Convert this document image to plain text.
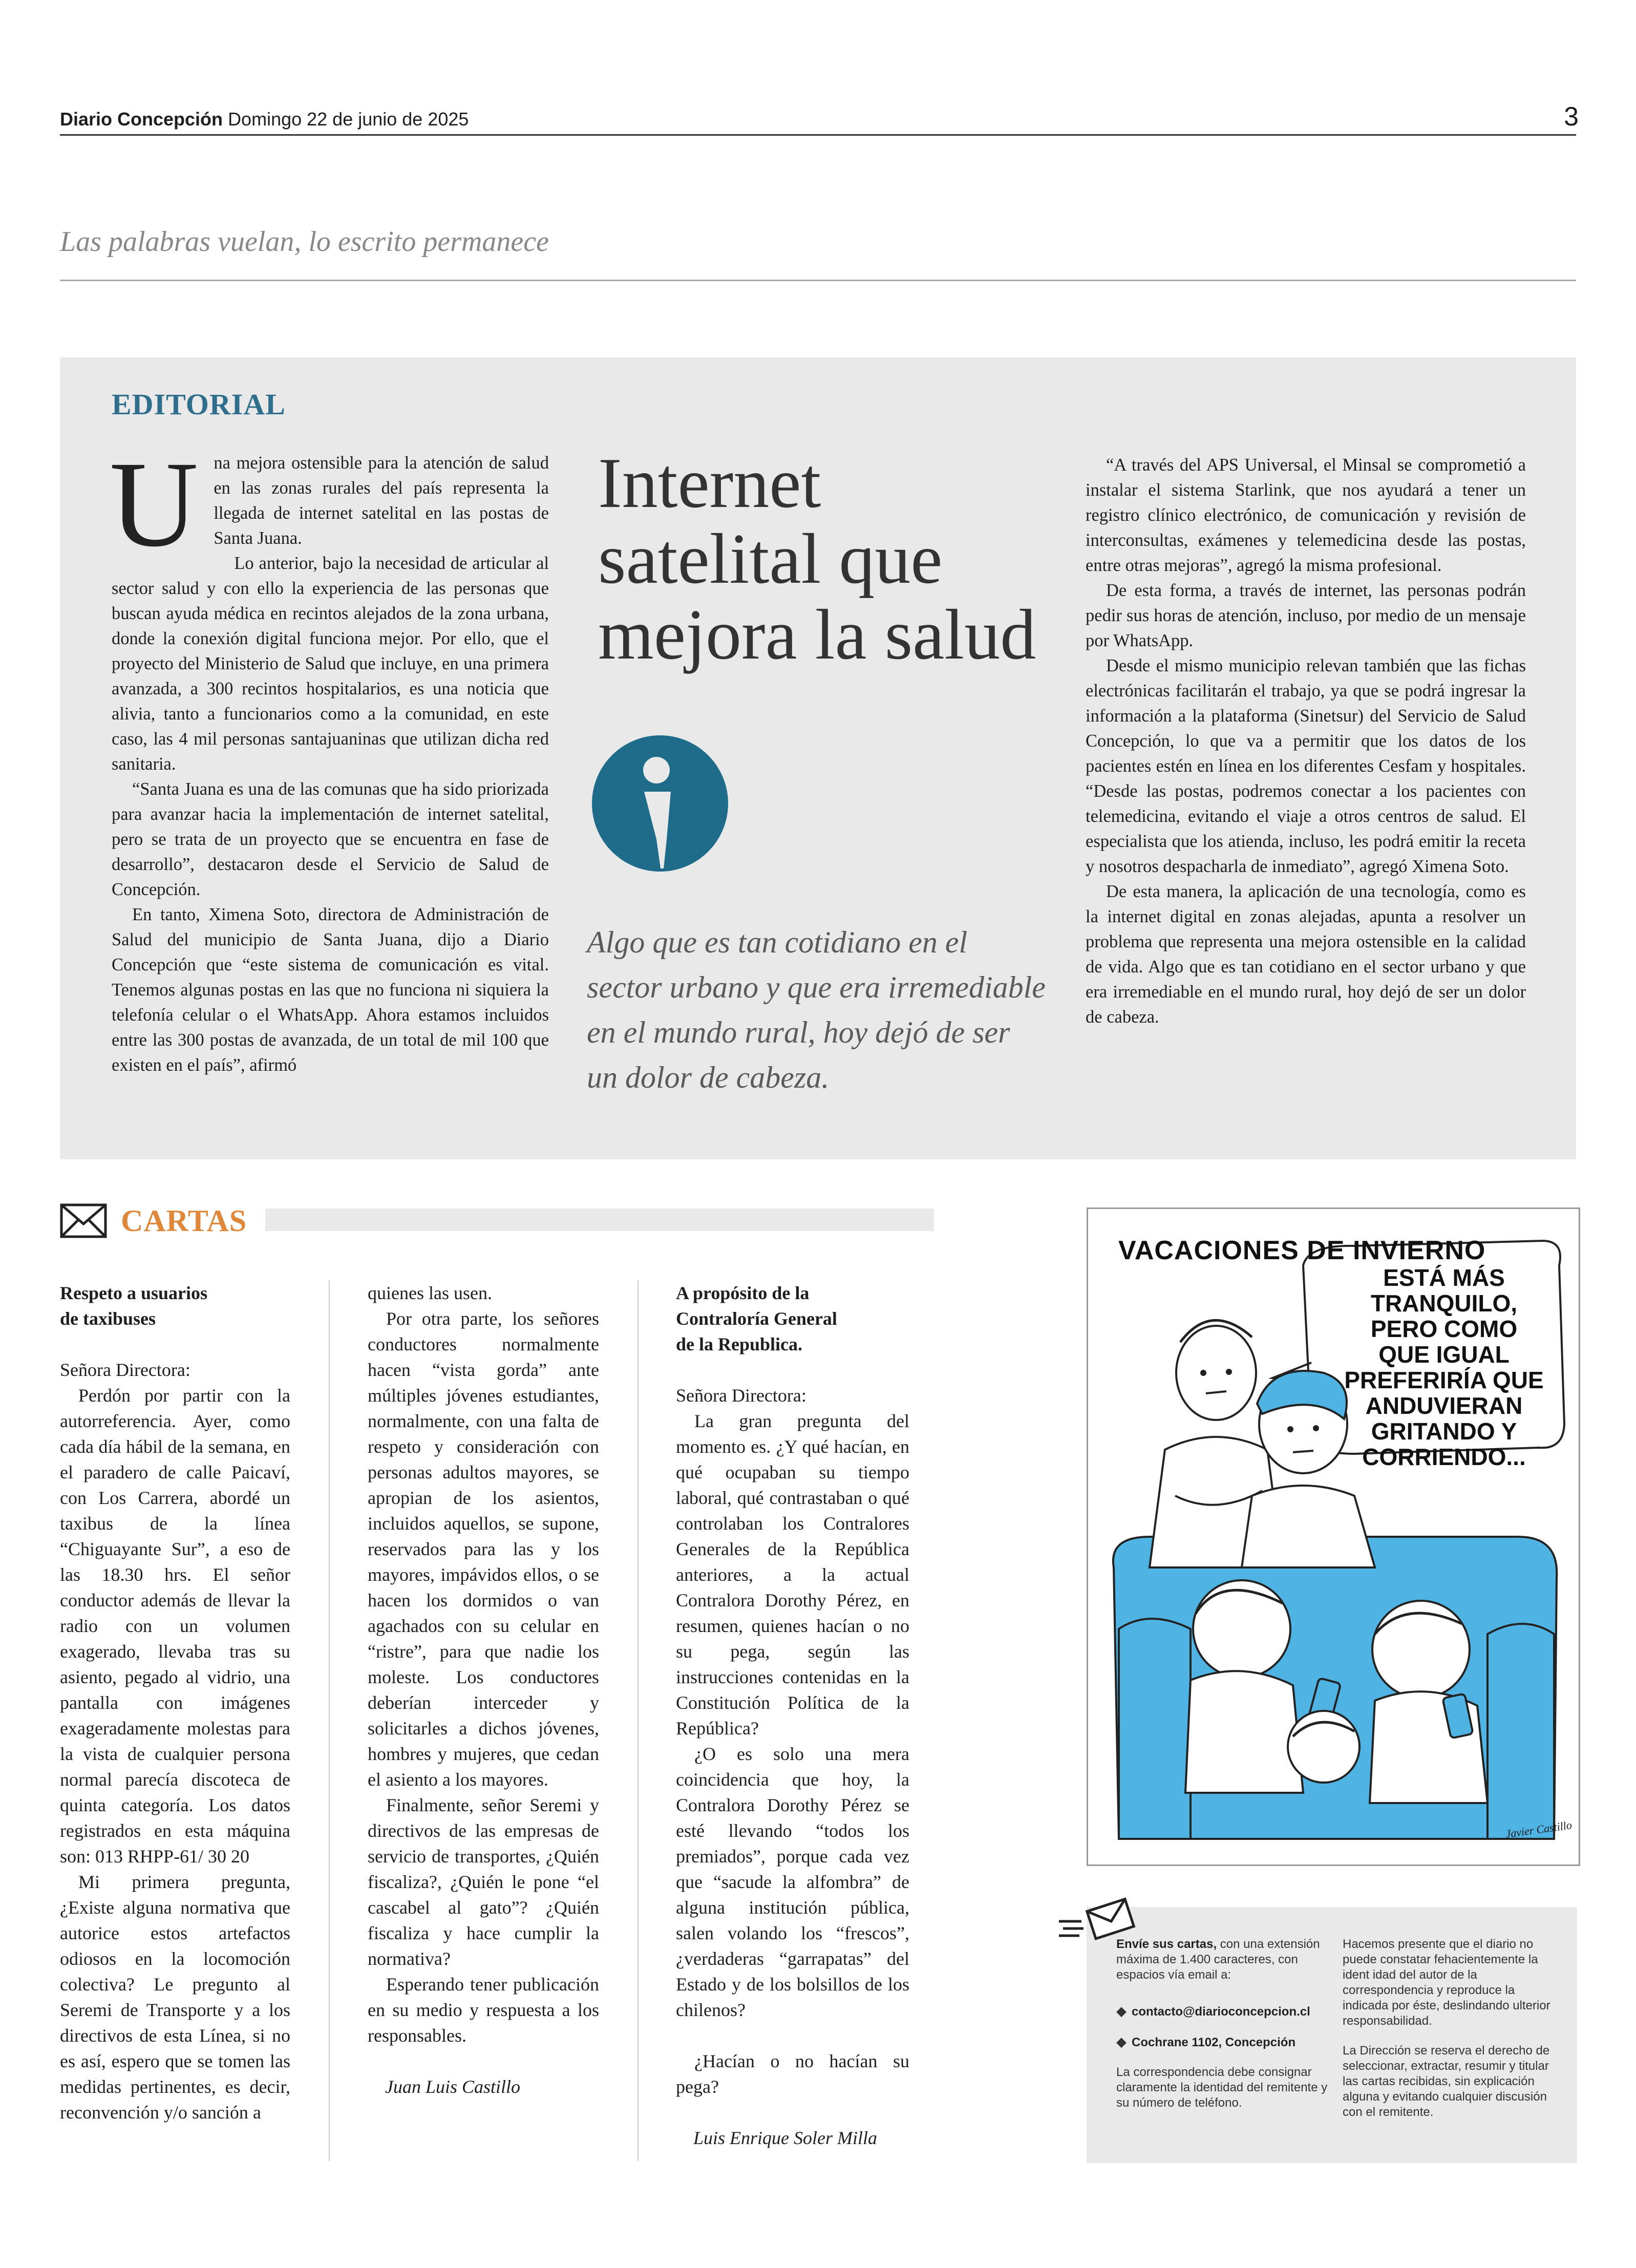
Diario Concepción Domingo 22 de junio de 2025	3
Las palabras vuelan, lo escrito permanece
EDITORIAL

Una mejora ostensible para la atención de salud en las zonas rurales del país representa la llegada de internet satelital en las postas de Santa Juana.

Lo anterior, bajo la necesidad de articular al sector salud y con ello la experiencia de las personas que buscan ayuda médica en recintos alejados de la zona urbana, donde la conexión digital funciona mejor. Por ello, que el proyecto del Ministerio de Salud que incluye, en una primera avanzada, a 300 recintos hospitalarios, es una noticia que alivia, tanto a funcionarios como a la comunidad, en este caso, las 4 mil personas santajuaninas que utilizan dicha red sanitaria.

“Santa Juana es una de las comunas que ha sido priorizada para avanzar hacia la implementación de internet satelital, pero se trata de un proyecto que se encuentra en fase de desarrollo”, destacaron desde el Servicio de Salud de Concepción.

En tanto, Ximena Soto, directora de Administración de Salud del municipio de Santa Juana, dijo a Diario Concepción que “este sistema de comunicación es vital. Tenemos algunas postas en las que no funciona ni siquiera la telefonía celular o el WhatsApp. Ahora estamos incluidos entre las 300 postas de avanzada, de un total de mil 100 que existen en el país”, afirmó

Internet satelital que mejora la salud
Algo que es tan cotidiano en el sector urbano y que era irremediable en el mundo rural, hoy dejó de ser un dolor de cabeza.

“A través del APS Universal, el Minsal se comprometió a instalar el sistema Starlink, que nos ayudará a tener un registro clínico electrónico, de comunicación y revisión de interconsultas, exámenes y telemedicina desde las postas, entre otras mejoras”, agregó la misma profesional.

De esta forma, a través de internet, las personas podrán pedir sus horas de atención, incluso, por medio de un mensaje por WhatsApp.

Desde el mismo municipio relevan también que las fichas electrónicas facilitarán el trabajo, ya que se podrá ingresar la información a la plataforma (Sinetsur) del Servicio de Salud Concepción, lo que va a permitir que los datos de los pacientes estén en línea en los diferentes Cesfam y hospitales. “Desde las postas, podremos conectar a los pacientes con telemedicina, evitando el viaje a otros centros de salud. El especialista que los atienda, incluso, les podrá emitir la receta y nosotros despacharla de inmediato”, agregó Ximena Soto.

De esta manera, la aplicación de una tecnología, como es la internet digital en zonas alejadas, apunta a resolver un problema que representa una mejora ostensible en la calidad de vida. Algo que es tan cotidiano en el sector urbano y que era irremediable en el mundo rural, hoy dejó de ser un dolor de cabeza.

CARTAS

Respeto a usuarios
de taxibuses

Señora Directora:

Perdón por partir con la autorreferencia. Ayer, como cada día hábil de la semana, en el paradero de calle Paicaví, con Los Carrera, abordé un taxibus de la línea “Chiguayante Sur”, a eso de las 18.30 hrs. El señor conductor además de llevar la radio con un volumen exagerado, llevaba tras su asiento, pegado al vidrio, una pantalla con imágenes exageradamente molestas para la vista de cualquier persona normal parecía discoteca de quinta categoría. Los datos registrados en esta máquina son: 013 RHPP-61/ 30 20

Mi primera pregunta, ¿Existe alguna normativa que autorice estos artefactos odiosos en la locomoción colectiva? Le pregunto al Seremi de Transporte y a los directivos de esta Línea, si no es así, espero que se tomen las medidas pertinentes, es decir, reconvención y/o sanción a

quienes las usen.

Por otra parte, los señores conductores normalmente hacen “vista gorda” ante múltiples jóvenes estudiantes, normalmente, con una falta de respeto y consideración con personas adultos mayores, se apropian de los asientos, incluidos aquellos, se supone, reservados para las y los mayores, impávidos ellos, o se hacen los dormidos o van agachados con su celular en “ristre”, para que nadie los moleste. Los conductores deberían interceder y solicitarles a dichos jóvenes, hombres y mujeres, que cedan el asiento a los mayores.

Finalmente, señor Seremi y directivos de las empresas de servicio de transportes, ¿Quién fiscaliza?, ¿Quién le pone “el cascabel al gato”? ¿Quién fiscaliza y hace cumplir la normativa?

Esperando tener publicación en su medio y respuesta a los responsables.

Juan Luis Castillo

A propósito de la
Contraloría General
de la Republica.

Señora Directora:

La gran pregunta del momento es. ¿Y qué hacían, en qué ocupaban su tiempo laboral, qué contrastaban o qué controlaban los Contralores Generales de la República anteriores, a la actual Contralora Dorothy Pérez, en resumen, quienes hacían o no su pega, según las instrucciones contenidas en la Constitución Política de la República?

¿O es solo una mera coincidencia que hoy, la Contralora Dorothy Pérez se esté llevando “todos los premiados”, porque cada vez que “sacude la alfombra” de alguna institución pública, salen volando los “frescos”, ¿verdaderas “garrapatas” del Estado y de los bolsillos de los chilenos?

¿Hacían o no hacían su pega?

Luis Enrique Soler Milla

VACACIONES DE INVIERNO
ESTÁ MÁS TRANQUILO, PERO COMO QUE IGUAL PREFERIRÍA QUE ANDUVIERAN GRITANDO Y CORRIENDO...
Javier Castillo

Envíe sus cartas, con una extensión máxima de 1.400 caracteres, con espacios vía email a:

◆ contacto@diarioconcepcion.cl

◆ Cochrane 1102, Concepción

La correspondencia debe consignar claramente la identidad del remitente y su número de teléfono.

Hacemos presente que el diario no puede constatar fehacientemente la ident idad del autor de la correspondencia y reproduce la indicada por éste, deslindando ulterior responsabilidad.

La Dirección se reserva el derecho de seleccionar, extractar, resumir y titular las cartas recibidas, sin explicación alguna y evitando cualquier discusión con el remitente.
